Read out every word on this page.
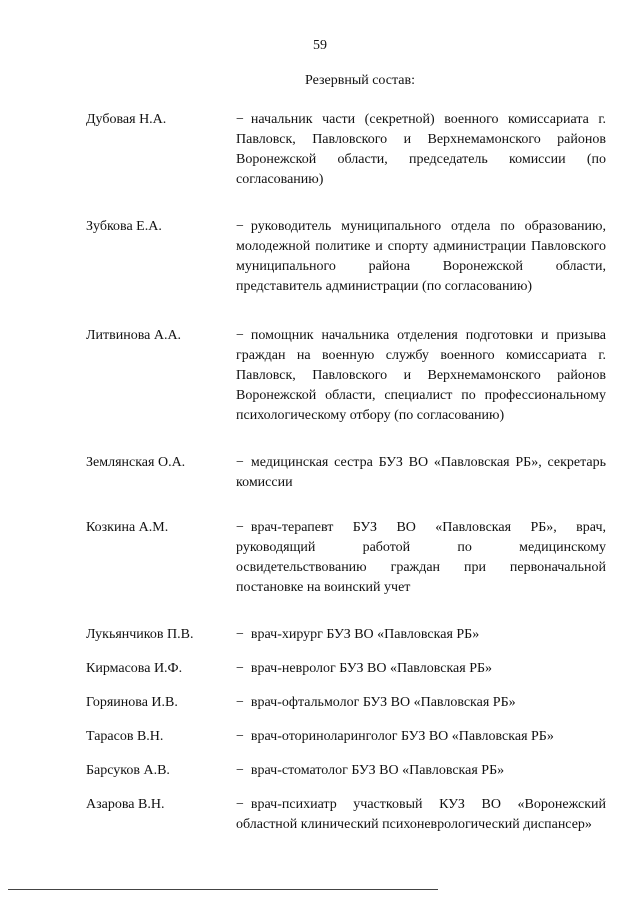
59
Резервный состав:
Дубовая Н.А.	− начальник части (секретной) военного комиссариата г. Павловск, Павловского и Верхнемамонского районов Воронежской области, председатель комиссии (по согласованию)
Зубкова Е.А.	− руководитель муниципального отдела по образованию, молодежной политике и спорту администрации Павловского муниципального района Воронежской области, представитель администрации (по согласованию)
Литвинова А.А.	− помощник начальника отделения подготовки и призыва граждан на военную службу военного комиссариата г. Павловск, Павловского и Верхнемамонского районов Воронежской области, специалист по профессиональному психологическому отбору (по согласованию)
Землянская О.А.	− медицинская сестра БУЗ ВО «Павловская РБ», секретарь комиссии
Козкина А.М.	− врач-терапевт БУЗ ВО «Павловская РБ», врач, руководящий работой по медицинскому освидетельствованию граждан при первоначальной постановке на воинский учет
Лукьянчиков П.В.	− врач-хирург БУЗ ВО «Павловская РБ»
Кирмасова И.Ф.	− врач-невролог БУЗ ВО «Павловская РБ»
Горяинова И.В.	− врач-офтальмолог БУЗ ВО «Павловская РБ»
Тарасов В.Н.	− врач-оториноларинголог БУЗ ВО «Павловская РБ»
Барсуков А.В.	− врач-стоматолог БУЗ ВО «Павловская РБ»
Азарова В.Н.	− врач-психиатр участковый КУЗ ВО «Воронежский областной клинический психоневрологический диспансер»
